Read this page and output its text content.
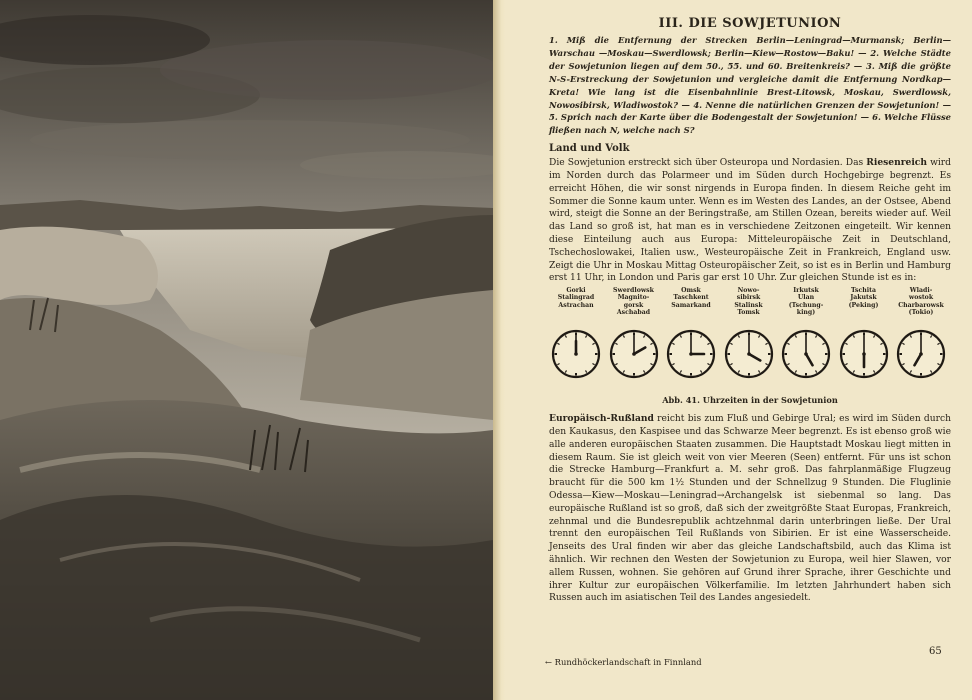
III. DIE SOWJETUNION

1. Miß die Entfernung der Strecken Berlin—Leningrad—Murmansk; Berlin—Warschau —Moskau—Swerdlowsk; Berlin—Kiew—Rostow—Baku! — 2. Welche Städte der Sowjetunion liegen auf dem 50., 55. und 60. Breitenkreis? — 3. Miß die größte N-S-Erstreckung der Sowjetunion und vergleiche damit die Entfernung Nordkap—Kreta! Wie lang ist die Eisenbahnlinie Brest-Litowsk, Moskau, Swerdlowsk, Nowosibirsk, Wladiwostok? — 4. Nenne die natürlichen Grenzen der Sowjetunion! — 5. Sprich nach der Karte über die Bodengestalt der Sowjetunion! — 6. Welche Flüsse fließen nach N, welche nach S?

Land und Volk

Die Sowjetunion erstreckt sich über Osteuropa und Nordasien. Das Riesenreich wird im Norden durch das Polarmeer und im Süden durch Hochgebirge begrenzt. Es erreicht Höhen, die wir sonst nirgends in Europa finden. In diesem Reiche geht im Sommer die Sonne kaum unter. Wenn es im Westen des Landes, an der Ostsee, Abend wird, steigt die Sonne an der Beringstraße, am Stillen Ozean, bereits wieder auf. Weil das Land so groß ist, hat man es in verschiedene Zeitzonen eingeteilt. Wir kennen diese Einteilung auch aus Europa: Mitteleuropäische Zeit in Deutschland, Tschechoslowakei, Italien usw., Westeuropäische Zeit in Frankreich, England usw. Zeigt die Uhr in Moskau Mittag Osteuropäischer Zeit, so ist es in Berlin und Hamburg erst 11 Uhr, in London und Paris gar erst 10 Uhr. Zur gleichen Stunde ist es in:

Gorki
Stalingrad
Astrachan
Swerdlowsk
Magnito-
gorsk
Aschabad
Omsk
Taschkent
Samarkand
Nowo-
sibirsk
Stalinsk
Tomsk
Irkutsk
Ulan
(Tschung-
king)
Tschita
Jakutsk
(Peking)
Wladi-
wostok
Charbarowsk
(Tokio)

Abb. 41. Uhrzeiten in der Sowjetunion

Europäisch-Rußland reicht bis zum Fluß und Gebirge Ural; es wird im Süden durch den Kaukasus, den Kaspisee und das Schwarze Meer begrenzt. Es ist ebenso groß wie alle anderen europäischen Staaten zusammen. Die Hauptstadt Moskau liegt mitten in diesem Raum. Sie ist gleich weit von vier Meeren (Seen) entfernt. Für uns ist schon die Strecke Hamburg—Frankfurt a. M. sehr groß. Das fahrplanmäßige Flugzeug braucht für die 500 km 1½ Stunden und der Schnellzug 9 Stunden. Die Fluglinie Odessa—Kiew—Moskau—Leningrad→Archangelsk ist siebenmal so lang. Das europäische Rußland ist so groß, daß sich der zweitgrößte Staat Europas, Frankreich, zehnmal und die Bundesrepublik achtzehnmal darin unterbringen ließe. Der Ural trennt den europäischen Teil Rußlands von Sibirien. Er ist eine Wasserscheide. Jenseits des Ural finden wir aber das gleiche Landschaftsbild, auch das Klima ist ähnlich. Wir rechnen den Westen der Sowjetunion zu Europa, weil hier Slawen, vor allem Russen, wohnen. Sie gehören auf Grund ihrer Sprache, ihrer Geschichte und ihrer Kultur zur europäischen Völkerfamilie. Im letzten Jahrhundert haben sich Russen auch im asiatischen Teil des Landes angesiedelt.

65
← Rundhöckerlandschaft in Finnland
